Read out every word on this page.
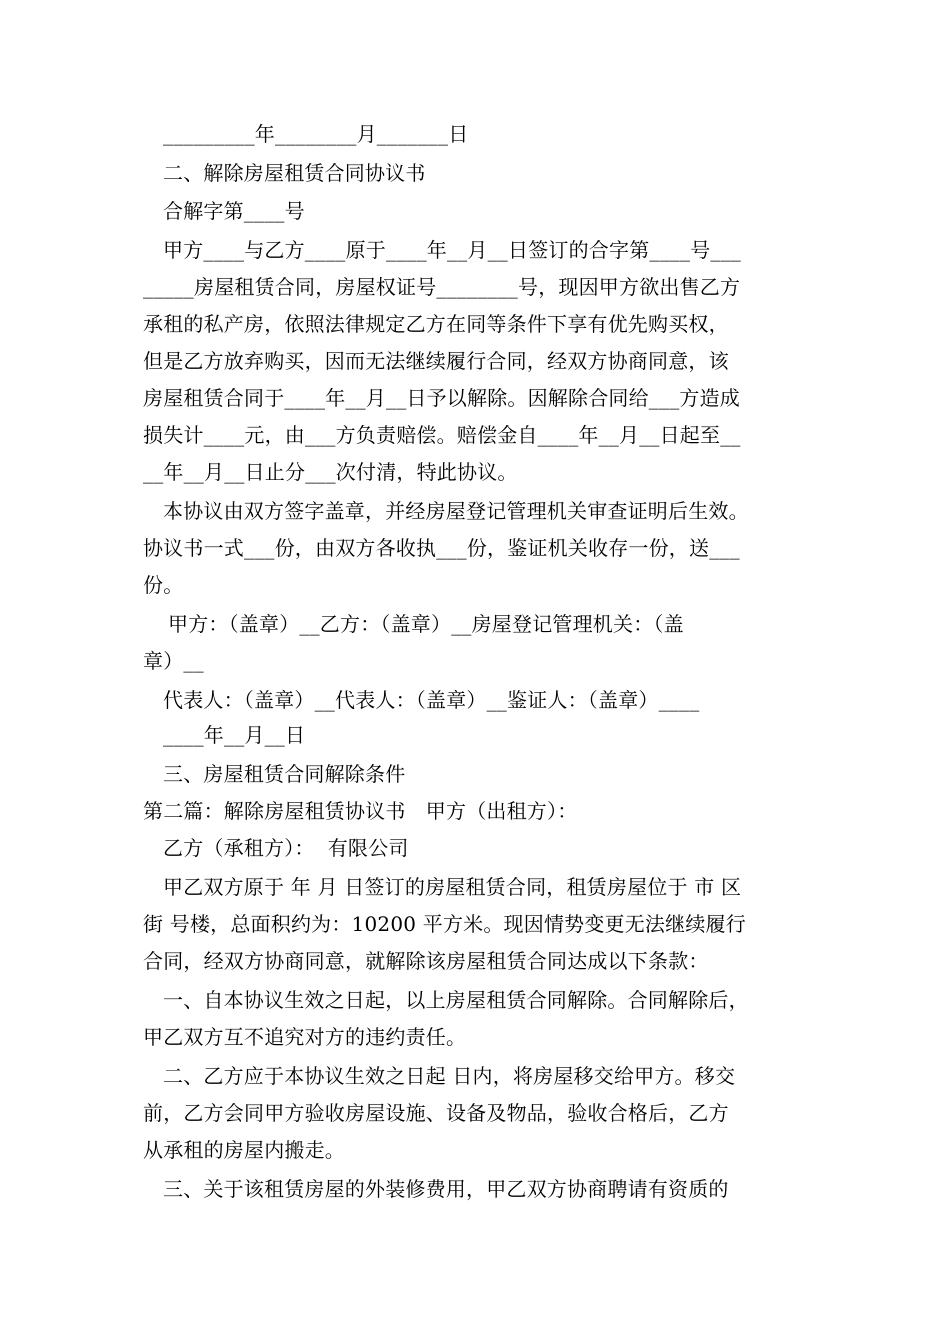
_________年________月_______日
二、解除房屋租赁合同协议书
合解字第____号
甲方____与乙方____原于____年__月__日签订的合字第____号___
_____房屋租赁合同，房屋权证号________号，现因甲方欲出售乙方
承租的私产房，依照法律规定乙方在同等条件下享有优先购买权，
但是乙方放弃购买，因而无法继续履行合同，经双方协商同意，该
房屋租赁合同于____年__月__日予以解除。因解除合同给___方造成
损失计____元，由___方负责赔偿。赔偿金自____年__月__日起至__
__年__月__日止分___次付清，特此协议。
本协议由双方签字盖章，并经房屋登记管理机关审查证明后生效。
协议书一式___份，由双方各收执___份，鉴证机关收存一份，送___
份。
甲方：（盖章）__乙方：（盖章）__房屋登记管理机关：（盖
章）__
代表人：（盖章）__代表人：（盖章）__鉴证人：（盖章）____
____年__月__日
三、房屋租赁合同解除条件
第二篇：解除房屋租赁协议书　甲方（出租方）：
乙方（承租方）：  有限公司
甲乙双方原于 年 月 日签订的房屋租赁合同，租赁房屋位于 市 区
街 号楼，总面积约为：10200 平方米。现因情势变更无法继续履行
合同，经双方协商同意，就解除该房屋租赁合同达成以下条款：
一、自本协议生效之日起，以上房屋租赁合同解除。合同解除后，
甲乙双方互不追究对方的违约责任。
二、乙方应于本协议生效之日起 日内，将房屋移交给甲方。移交
前，乙方会同甲方验收房屋设施、设备及物品，验收合格后，乙方
从承租的房屋内搬走。
三、关于该租赁房屋的外装修费用，甲乙双方协商聘请有资质的
